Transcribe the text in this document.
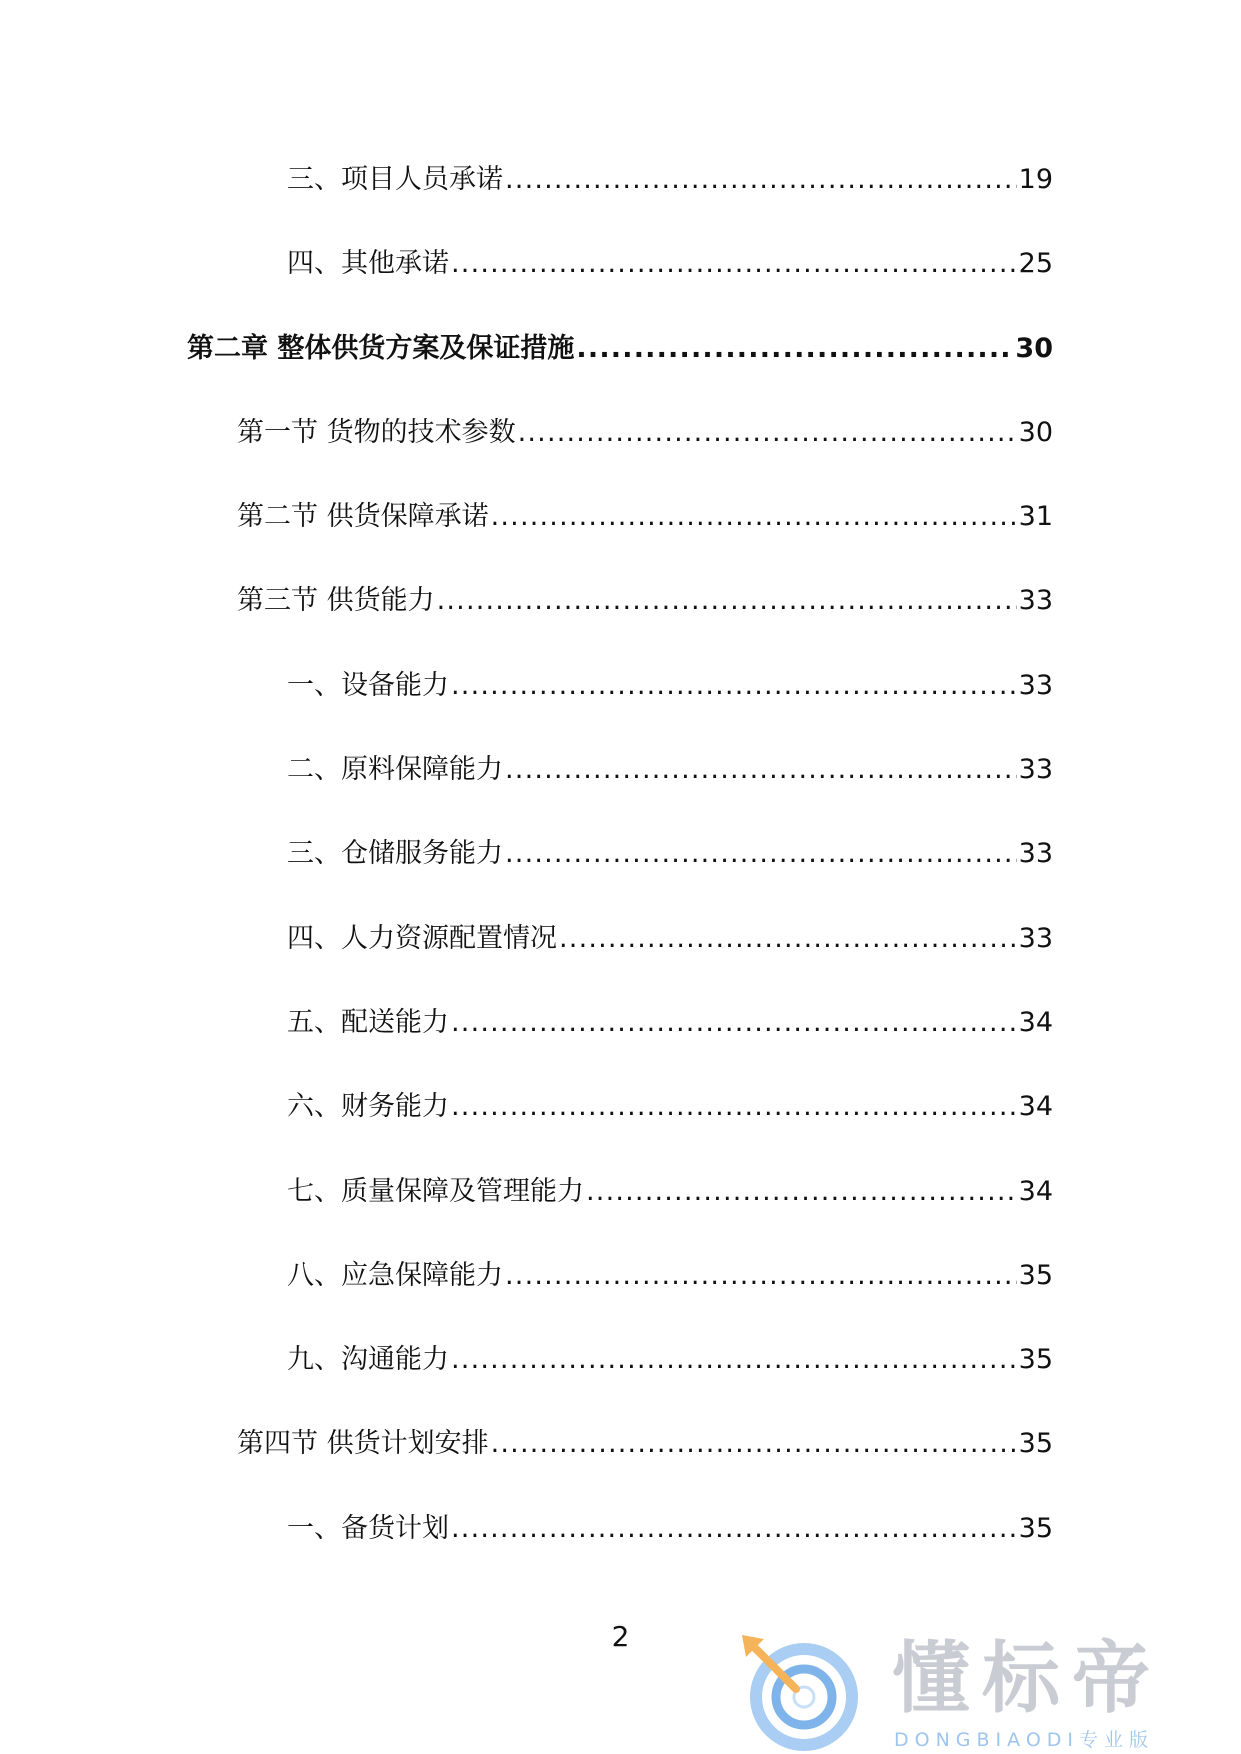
三、项目人员承诺 .....	19
四、其他承诺 .....	25
第二章 整体供货方案及保证措施 .....	30
第一节 货物的技术参数 .....	30
第二节 供货保障承诺 .....	31
第三节 供货能力 .....	33
一、设备能力 .....	33
二、原料保障能力 .....	33
三、仓储服务能力 .....	33
四、人力资源配置情况 .....	33
五、配送能力 .....	34
六、财务能力 .....	34
七、质量保障及管理能力 .....	34
八、应急保障能力 .....	35
九、沟通能力 .....	35
第四节 供货计划安排 .....	35
一、备货计划 .....	35
2	懂标帝
DONGBIAODI专业版
